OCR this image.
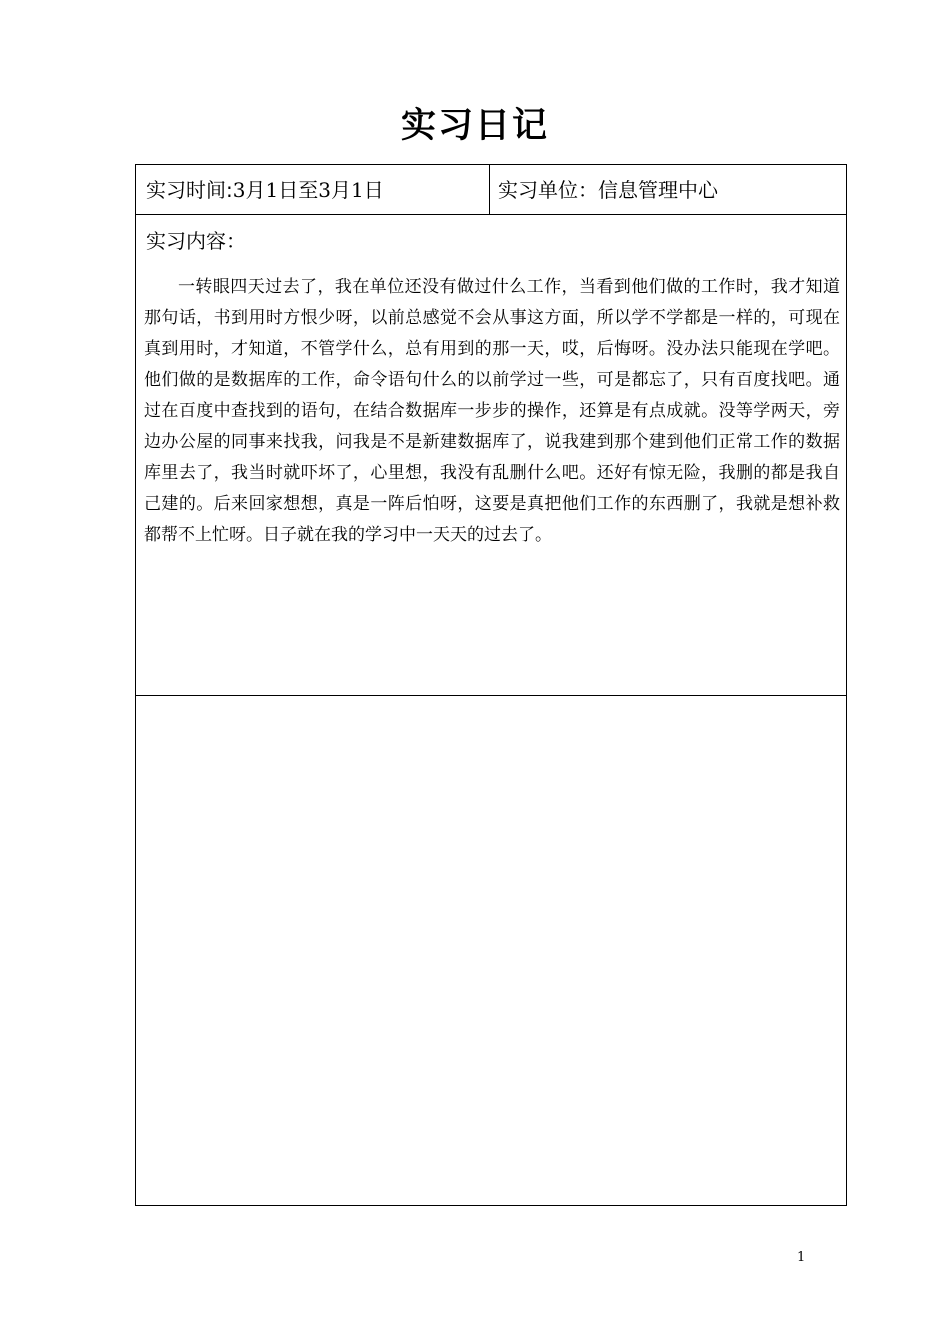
实习日记
实习时间:3月1日至3月1日	实习单位：信息管理中心
实习内容：

一转眼四天过去了，我在单位还没有做过什么工作，当看到他们做的工作时，我才知道那句话，书到用时方恨少呀，以前总感觉不会从事这方面，所以学不学都是一样的，可现在真到用时，才知道，不管学什么，总有用到的那一天，哎，后悔呀。没办法只能现在学吧。他们做的是数据库的工作，命令语句什么的以前学过一些，可是都忘了，只有百度找吧。通过在百度中查找到的语句，在结合数据库一步步的操作，还算是有点成就。没等学两天，旁边办公屋的同事来找我，问我是不是新建数据库了，说我建到那个建到他们正常工作的数据库里去了，我当时就吓坏了，心里想，我没有乱删什么吧。还好有惊无险，我删的都是我自己建的。后来回家想想，真是一阵后怕呀，这要是真把他们工作的东西删了，我就是想补救都帮不上忙呀。日子就在我的学习中一天天的过去了。

1
